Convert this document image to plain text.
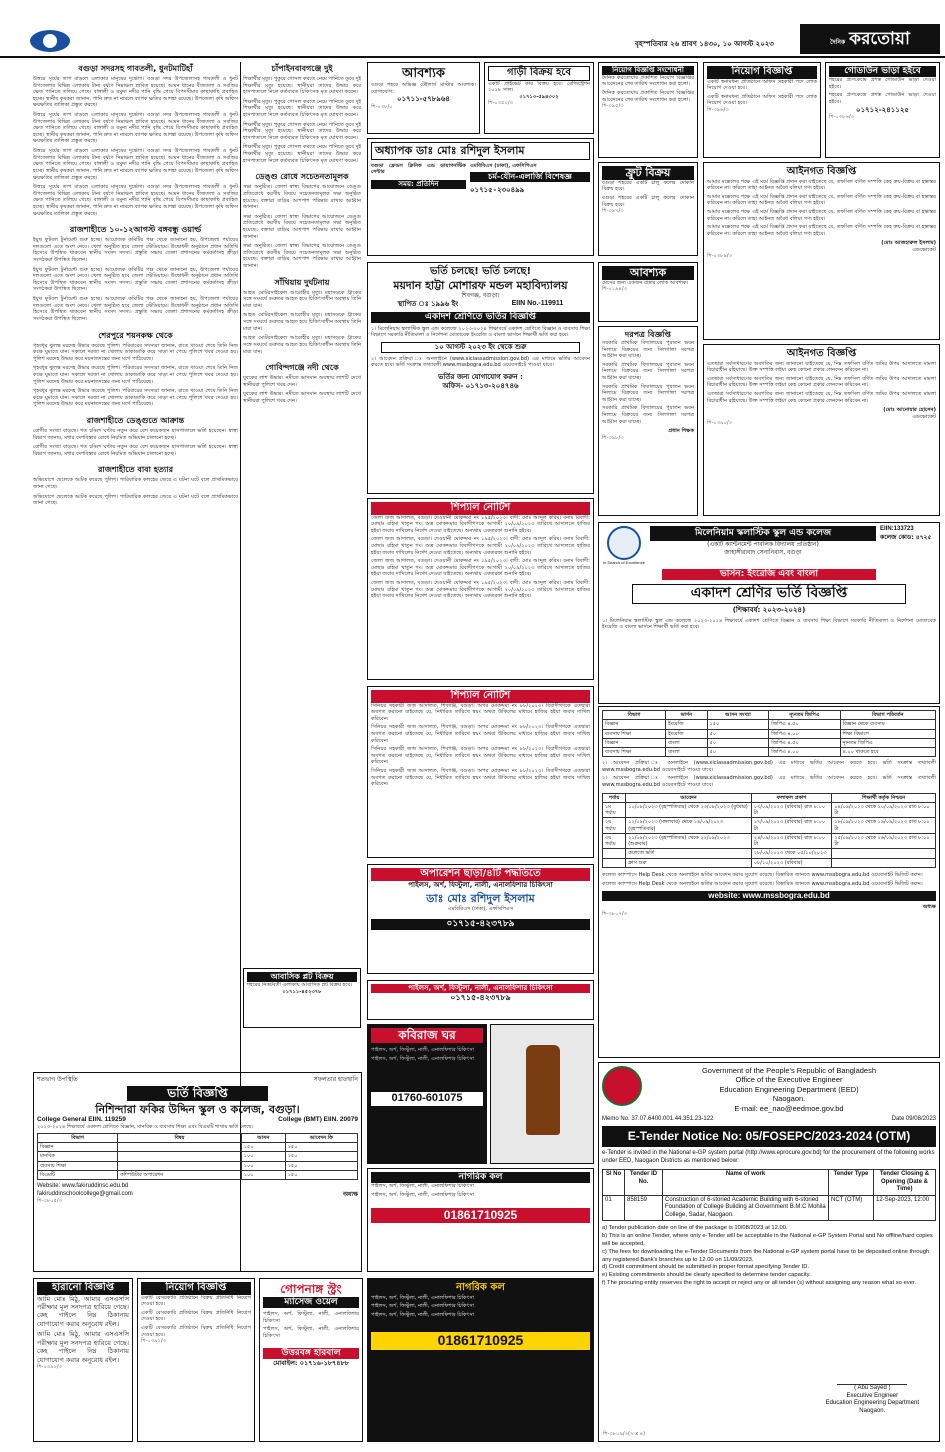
বৃহস্পতিবার ২৬ শ্রাবণ ১৪৩০, ১০ আগস্ট ২০২৩	দৈনিক করতোয়া
বগুড়া সদরসহ গাবতলী, ধুনটমাটিহাঁ
উত্তরে সূর্যের তাপ বাড়লে এলাকার মানুষের দুর্ভোগ। বগুড়া সদর উপজেলাসহ গাবতলী ও ধুনট উপজেলার বিভিন্ন এলাকায় টানা বর্ষণে নিম্নাঞ্চল প্লাবিত হয়েছে। আমন ধানের বীজতলা ও সবজির ক্ষেত পানিতে তলিয়ে গেছে। বাঙ্গালী ও যমুনা নদীর পানি বৃদ্ধি পেয়ে বিপদসীমার কাছাকাছি প্রবাহিত হচ্ছে। স্থানীয় কৃষকরা জানান, পানি দ্রুত না নামলে ব্যাপক ক্ষতির আশঙ্কা রয়েছে। উপজেলা কৃষি অফিস ক্ষয়ক্ষতির তালিকা প্রস্তুত করছে।
উত্তরে সূর্যের তাপ বাড়লে এলাকার মানুষের দুর্ভোগ। বগুড়া সদর উপজেলাসহ গাবতলী ও ধুনট উপজেলার বিভিন্ন এলাকায় টানা বর্ষণে নিম্নাঞ্চল প্লাবিত হয়েছে। আমন ধানের বীজতলা ও সবজির ক্ষেত পানিতে তলিয়ে গেছে। বাঙ্গালী ও যমুনা নদীর পানি বৃদ্ধি পেয়ে বিপদসীমার কাছাকাছি প্রবাহিত হচ্ছে। স্থানীয় কৃষকরা জানান, পানি দ্রুত না নামলে ব্যাপক ক্ষতির আশঙ্কা রয়েছে। উপজেলা কৃষি অফিস ক্ষয়ক্ষতির তালিকা প্রস্তুত করছে।
উত্তরে সূর্যের তাপ বাড়লে এলাকার মানুষের দুর্ভোগ। বগুড়া সদর উপজেলাসহ গাবতলী ও ধুনট উপজেলার বিভিন্ন এলাকায় টানা বর্ষণে নিম্নাঞ্চল প্লাবিত হয়েছে। আমন ধানের বীজতলা ও সবজির ক্ষেত পানিতে তলিয়ে গেছে। বাঙ্গালী ও যমুনা নদীর পানি বৃদ্ধি পেয়ে বিপদসীমার কাছাকাছি প্রবাহিত হচ্ছে। স্থানীয় কৃষকরা জানান, পানি দ্রুত না নামলে ব্যাপক ক্ষতির আশঙ্কা রয়েছে। উপজেলা কৃষি অফিস ক্ষয়ক্ষতির তালিকা প্রস্তুত করছে।
উত্তরে সূর্যের তাপ বাড়লে এলাকার মানুষের দুর্ভোগ। বগুড়া সদর উপজেলাসহ গাবতলী ও ধুনট উপজেলার বিভিন্ন এলাকায় টানা বর্ষণে নিম্নাঞ্চল প্লাবিত হয়েছে। আমন ধানের বীজতলা ও সবজির ক্ষেত পানিতে তলিয়ে গেছে। বাঙ্গালী ও যমুনা নদীর পানি বৃদ্ধি পেয়ে বিপদসীমার কাছাকাছি প্রবাহিত হচ্ছে। স্থানীয় কৃষকরা জানান, পানি দ্রুত না নামলে ব্যাপক ক্ষতির আশঙ্কা রয়েছে। উপজেলা কৃষি অফিস ক্ষয়ক্ষতির তালিকা প্রস্তুত করছে।
রাজশাহীতে ১০-১২আগস্ট বঙ্গবন্ধু ওয়ার্ল্ড
ইয়ুথ ফুটবল টুর্নামেন্ট শুরু হচ্ছে। আয়োজক কমিটির পক্ষ থেকে জানানো হয়, উপজেলা পর্যায়ের দলগুলো এতে অংশ নেবে। খেলা অনুষ্ঠিত হবে জেলা স্টেডিয়ামে। উদ্বোধনী অনুষ্ঠানে প্রধান অতিথি হিসেবে উপস্থিত থাকবেন স্থানীয় সংসদ সদস্য। প্রস্তুতি সভায় জেলা প্রশাসনের কর্মকর্তাসহ ক্রীড়া সংগঠকরা উপস্থিত ছিলেন।
ইয়ুথ ফুটবল টুর্নামেন্ট শুরু হচ্ছে। আয়োজক কমিটির পক্ষ থেকে জানানো হয়, উপজেলা পর্যায়ের দলগুলো এতে অংশ নেবে। খেলা অনুষ্ঠিত হবে জেলা স্টেডিয়ামে। উদ্বোধনী অনুষ্ঠানে প্রধান অতিথি হিসেবে উপস্থিত থাকবেন স্থানীয় সংসদ সদস্য। প্রস্তুতি সভায় জেলা প্রশাসনের কর্মকর্তাসহ ক্রীড়া সংগঠকরা উপস্থিত ছিলেন।
ইয়ুথ ফুটবল টুর্নামেন্ট শুরু হচ্ছে। আয়োজক কমিটির পক্ষ থেকে জানানো হয়, উপজেলা পর্যায়ের দলগুলো এতে অংশ নেবে। খেলা অনুষ্ঠিত হবে জেলা স্টেডিয়ামে। উদ্বোধনী অনুষ্ঠানে প্রধান অতিথি হিসেবে উপস্থিত থাকবেন স্থানীয় সংসদ সদস্য। প্রস্তুতি সভায় জেলা প্রশাসনের কর্মকর্তাসহ ক্রীড়া সংগঠকরা উপস্থিত ছিলেন।
শেরপুরে শয়নকক্ষ থেকে
গৃহবধূর ঝুলন্ত মরদেহ উদ্ধার করেছে পুলিশ। পরিবারের সদস্যরা জানান, রাতে খাওয়া শেষে তিনি নিজ কক্ষে ঘুমাতে যান। সকালে দরজা না খোলায় ডাকাডাকি করে সাড়া না পেয়ে পুলিশে খবর দেওয়া হয়। পুলিশ মরদেহ উদ্ধার করে ময়নাতদন্তের জন্য মর্গে পাঠিয়েছে।
গৃহবধূর ঝুলন্ত মরদেহ উদ্ধার করেছে পুলিশ। পরিবারের সদস্যরা জানান, রাতে খাওয়া শেষে তিনি নিজ কক্ষে ঘুমাতে যান। সকালে দরজা না খোলায় ডাকাডাকি করে সাড়া না পেয়ে পুলিশে খবর দেওয়া হয়। পুলিশ মরদেহ উদ্ধার করে ময়নাতদন্তের জন্য মর্গে পাঠিয়েছে।
গৃহবধূর ঝুলন্ত মরদেহ উদ্ধার করেছে পুলিশ। পরিবারের সদস্যরা জানান, রাতে খাওয়া শেষে তিনি নিজ কক্ষে ঘুমাতে যান। সকালে দরজা না খোলায় ডাকাডাকি করে সাড়া না পেয়ে পুলিশে খবর দেওয়া হয়। পুলিশ মরদেহ উদ্ধার করে ময়নাতদন্তের জন্য মর্গে পাঠিয়েছে।
রাজশাহীতে ডেঙ্গুতে আক্রান্ত
রোগীর সংখ্যা বাড়ছে। গত চব্বিশ ঘণ্টায় নতুন করে বেশ কয়েকজন হাসপাতালে ভর্তি হয়েছেন। স্বাস্থ্য বিভাগ জানায়, মশার বংশবিস্তার রোধে নিয়মিত অভিযান চালানো হচ্ছে।
রোগীর সংখ্যা বাড়ছে। গত চব্বিশ ঘণ্টায় নতুন করে বেশ কয়েকজন হাসপাতালে ভর্তি হয়েছেন। স্বাস্থ্য বিভাগ জানায়, মশার বংশবিস্তার রোধে নিয়মিত অভিযান চালানো হচ্ছে।
রাজশাহীতে বাবা হত্যার
অভিযোগে ছেলেকে আটক করেছে পুলিশ। পারিবারিক কলহের জেরে এ ঘটনা ঘটে বলে প্রাথমিকভাবে জানা গেছে।
অভিযোগে ছেলেকে আটক করেছে পুলিশ। পারিবারিক কলহের জেরে এ ঘটনা ঘটে বলে প্রাথমিকভাবে জানা গেছে।
চাঁপাইনবাবগঞ্জে দুই
শিক্ষার্থীর মৃত্যু। পুকুরে গোসল করতে নেমে পানিতে ডুবে দুই শিক্ষার্থীর মৃত্যু হয়েছে। স্থানীয়রা তাদের উদ্ধার করে হাসপাতালে নিলে কর্তব্যরত চিকিৎসক মৃত ঘোষণা করেন।
শিক্ষার্থীর মৃত্যু। পুকুরে গোসল করতে নেমে পানিতে ডুবে দুই শিক্ষার্থীর মৃত্যু হয়েছে। স্থানীয়রা তাদের উদ্ধার করে হাসপাতালে নিলে কর্তব্যরত চিকিৎসক মৃত ঘোষণা করেন।
শিক্ষার্থীর মৃত্যু। পুকুরে গোসল করতে নেমে পানিতে ডুবে দুই শিক্ষার্থীর মৃত্যু হয়েছে। স্থানীয়রা তাদের উদ্ধার করে হাসপাতালে নিলে কর্তব্যরত চিকিৎসক মৃত ঘোষণা করেন।
শিক্ষার্থীর মৃত্যু। পুকুরে গোসল করতে নেমে পানিতে ডুবে দুই শিক্ষার্থীর মৃত্যু হয়েছে। স্থানীয়রা তাদের উদ্ধার করে হাসপাতালে নিলে কর্তব্যরত চিকিৎসক মৃত ঘোষণা করেন।
ডেঙ্গু রোধে সচেতনতামূলক
সভা অনুষ্ঠিত। জেলা স্বাস্থ্য বিভাগের আয়োজনে ডেঙ্গু প্রতিরোধে করণীয় বিষয়ে সচেতনতামূলক সভা অনুষ্ঠিত হয়েছে। বক্তারা বাড়ির আশপাশ পরিষ্কার রাখার আহ্বান জানান।
সভা অনুষ্ঠিত। জেলা স্বাস্থ্য বিভাগের আয়োজনে ডেঙ্গু প্রতিরোধে করণীয় বিষয়ে সচেতনতামূলক সভা অনুষ্ঠিত হয়েছে। বক্তারা বাড়ির আশপাশ পরিষ্কার রাখার আহ্বান জানান।
সভা অনুষ্ঠিত। জেলা স্বাস্থ্য বিভাগের আয়োজনে ডেঙ্গু প্রতিরোধে করণীয় বিষয়ে সচেতনতামূলক সভা অনুষ্ঠিত হয়েছে। বক্তারা বাড়ির আশপাশ পরিষ্কার রাখার আহ্বান জানান।
সাঁথিয়ায় দুর্ঘটনায়
আহত মোটরসাইকেল আরোহীর মৃত্যু। মহাসড়কে ট্রাকের সঙ্গে সংঘর্ষে গুরুতর আহত হয়ে চিকিৎসাধীন অবস্থায় তিনি মারা যান।
আহত মোটরসাইকেল আরোহীর মৃত্যু। মহাসড়কে ট্রাকের সঙ্গে সংঘর্ষে গুরুতর আহত হয়ে চিকিৎসাধীন অবস্থায় তিনি মারা যান।
আহত মোটরসাইকেল আরোহীর মৃত্যু। মহাসড়কে ট্রাকের সঙ্গে সংঘর্ষে গুরুতর আহত হয়ে চিকিৎসাধীন অবস্থায় তিনি মারা যান।
গোবিন্দগঞ্জে নদী থেকে
যুবকের লাশ উদ্ধার। নদীতে ভাসমান অবস্থায় লাশটি দেখে স্থানীয়রা পুলিশে খবর দেন।
যুবকের লাশ উদ্ধার। নদীতে ভাসমান অবস্থায় লাশটি দেখে স্থানীয়রা পুলিশে খবর দেন।
আবাসিক প্লট বিক্রয়
শহরের নিকটবর্তী এলাকায় আবাসিক প্লট বিক্রয় হবে।
০১৭১১-৪৫২৩৭৮
আবশ্যক
বগুড়া শহরে অভিজ্ঞ টেইলার্স মাস্টার আবশ্যক। যোগাযোগ:
০১৭১১-৫৭৮৯৬৪
শি-০৩৮/০
গাড়ী বিক্রয় হবে
একটি প্রাইভেট কার বিক্রয় হবে। রেজিস্ট্রেশন ২০১৮ সাল।
০১৭১৩-৫৯৪৩০২
শি-০৩৫০/৩
অধ্যাপক ডাঃ মোঃ রশিদুল ইসলাম
বগুড়া ফ্রেন্ডস ক্লিনিক এন্ড ডায়াগনস্টিক সেন্টার
সময়: প্রতিদিন
এমবিবিএস (ঢাকা), এফসিপিএস
চর্ম-যৌন-এলার্জি বিশেষজ্ঞ
০১৭১৫-২৩০৪৯৯
ভর্তি চলছে! ভর্তি চলছে!
ময়দান হাট্টা মোশারফ মন্ডল মহাবিদ্যালয়
শিবগঞ্জ, বগুড়া।
স্থাপিত ঃ ১৯৯৬ ইং	EIIN No.-119911
একাদশ শ্রেণিতে ভর্তির বিজ্ঞপ্তি
১। মিলেনিয়াম স্কলাস্টিক স্কুল এন্ড কলেজে ২০২৩-২০২৪ শিক্ষাবর্ষে একাদশ শ্রেণিতে বিজ্ঞান ও ব্যবসায় শিক্ষা বিভাগে সরকারি নীতিমালা ও নির্দেশনা মোতাবেক ইংরেজি ও বাংলা ভার্সনে শিক্ষার্থী ভর্তি করা হবে।
১০ আগস্ট ২০২৩ ইং থেকে শুরু
২। আবেদন প্রক্রিয়া ঃ অনলাইনে (www.xiclassadmission.gov.bd) এর মাধ্যমে ভর্তির আবেদন করতে হবে। ভর্তি সংক্রান্ত তথ্যাবলী www.mssbogra.edu.bd ওয়েবসাইটে পাওয়া যাবে।
ভর্তির জন্য যোগাযোগ করুন :
অফিস- ০১৭১৩-২০৪৭৪৬
শিপ্যাল নোটিশ
জেলা জজ আদালত, বগুড়া। দেওয়ানী মোকদ্দমা নং ১৯৫/২০২৩। বাদী: মোঃ আব্দুল করিম। বনাম বিবাদী: মোছাঃ রহিমা খাতুন গং। অত্র মোকদ্দমার বিবাদীগণকে আগামী ২০/০৯/২০২৩ তারিখে আদালতে হাজির হইয়া জবাব দাখিলের নির্দেশ দেওয়া যাইতেছে। অন্যথায় একতরফা শুনানি হইবে।
জেলা জজ আদালত, বগুড়া। দেওয়ানী মোকদ্দমা নং ১৯৫/২০২৩। বাদী: মোঃ আব্দুল করিম। বনাম বিবাদী: মোছাঃ রহিমা খাতুন গং। অত্র মোকদ্দমার বিবাদীগণকে আগামী ২০/০৯/২০২৩ তারিখে আদালতে হাজির হইয়া জবাব দাখিলের নির্দেশ দেওয়া যাইতেছে। অন্যথায় একতরফা শুনানি হইবে।
জেলা জজ আদালত, বগুড়া। দেওয়ানী মোকদ্দমা নং ১৯৫/২০২৩। বাদী: মোঃ আব্দুল করিম। বনাম বিবাদী: মোছাঃ রহিমা খাতুন গং। অত্র মোকদ্দমার বিবাদীগণকে আগামী ২০/০৯/২০২৩ তারিখে আদালতে হাজির হইয়া জবাব দাখিলের নির্দেশ দেওয়া যাইতেছে। অন্যথায় একতরফা শুনানি হইবে।
জেলা জজ আদালত, বগুড়া। দেওয়ানী মোকদ্দমা নং ১৯৫/২০২৩। বাদী: মোঃ আব্দুল করিম। বনাম বিবাদী: মোছাঃ রহিমা খাতুন গং। অত্র মোকদ্দমার বিবাদীগণকে আগামী ২০/০৯/২০২৩ তারিখে আদালতে হাজির হইয়া জবাব দাখিলের নির্দেশ দেওয়া যাইতেছে। অন্যথায় একতরফা শুনানি হইবে।
শিপ্যাল নোটিশ
সিনিয়র সহকারী জজ আদালত, শিবগঞ্জ, বগুড়া। অপর মোকদ্দমা নং ৮৮/২০২৩। বিবাদীগণকে এতদ্বারা অবগত করানো যাইতেছে যে, নির্ধারিত তারিখে স্বয়ং অথবা উকিলের মাধ্যমে হাজির হইয়া জবাব দাখিল করিবেন।
সিনিয়র সহকারী জজ আদালত, শিবগঞ্জ, বগুড়া। অপর মোকদ্দমা নং ৮৮/২০২৩। বিবাদীগণকে এতদ্বারা অবগত করানো যাইতেছে যে, নির্ধারিত তারিখে স্বয়ং অথবা উকিলের মাধ্যমে হাজির হইয়া জবাব দাখিল করিবেন।
সিনিয়র সহকারী জজ আদালত, শিবগঞ্জ, বগুড়া। অপর মোকদ্দমা নং ৮৮/২০২৩। বিবাদীগণকে এতদ্বারা অবগত করানো যাইতেছে যে, নির্ধারিত তারিখে স্বয়ং অথবা উকিলের মাধ্যমে হাজির হইয়া জবাব দাখিল করিবেন।
সিনিয়র সহকারী জজ আদালত, শিবগঞ্জ, বগুড়া। অপর মোকদ্দমা নং ৮৮/২০২৩। বিবাদীগণকে এতদ্বারা অবগত করানো যাইতেছে যে, নির্ধারিত তারিখে স্বয়ং অথবা উকিলের মাধ্যমে হাজির হইয়া জবাব দাখিল করিবেন।
অপারেশন ছাড়া/৪টি পদ্ধতিতে
পাইলস, অর্শ, ফিস্টুলা, নালী, এনালফিশার চিকিৎসা
ডাঃ মোঃ রশিদুল ইসলাম
এমবিবিএস (ঢাকা), এফসিপিএস
০১৭১৫-৪২৩৭৮৯
নিয়োগ বিজ্ঞপ্তি সংশোধনী
দৈনিক করতোয়ায় প্রকাশিত নিয়োগ বিজ্ঞপ্তির আবেদনের শেষ তারিখ সংশোধন করা হলো।
দৈনিক করতোয়ায় প্রকাশিত নিয়োগ বিজ্ঞপ্তির আবেদনের শেষ তারিখ সংশোধন করা হলো।
শি-৩৯৫/৩
ফ্রুট বিক্রয়
বগুড়া শহরের একটি চালু ফলের দোকান বিক্রয় হবে।
বগুড়া শহরের একটি চালু ফলের দোকান বিক্রয় হবে।
শি-৩৯৭/৩
আবশ্যক
মেসের জন্য একজন রান্নার লোক আবশ্যক।
শি-০১৯৪/৩
দরপত্র বিজ্ঞপ্তি
সরকারি প্রাথমিক বিদ্যালয়ের পুরাতন ভবন নিলামে বিক্রয়ের জন্য সিলগালা দরপত্র আহ্বান করা যাচ্ছে।
সরকারি প্রাথমিক বিদ্যালয়ের পুরাতন ভবন নিলামে বিক্রয়ের জন্য সিলগালা দরপত্র আহ্বান করা যাচ্ছে।
সরকারি প্রাথমিক বিদ্যালয়ের পুরাতন ভবন নিলামে বিক্রয়ের জন্য সিলগালা দরপত্র আহ্বান করা যাচ্ছে।
সরকারি প্রাথমিক বিদ্যালয়ের পুরাতন ভবন নিলামে বিক্রয়ের জন্য সিলগালা দরপত্র আহ্বান করা যাচ্ছে।
প্রধান শিক্ষক
শি-৩৯৮/৩
নিয়োগ বিজ্ঞপ্তি
একটি স্বনামধন্য প্রতিষ্ঠানে অফিস সহকারী পদে লোক নিয়োগ দেওয়া হবে।
একটি স্বনামধন্য প্রতিষ্ঠানে অফিস সহকারী পদে লোক নিয়োগ দেওয়া হবে।
শি-৩৯৬/৩
গোডাউন ভাড়া হইবে
শহরের প্রাণকেন্দ্রে প্রশস্ত গোডাউন ভাড়া দেওয়া হইবে।
শহরের প্রাণকেন্দ্রে প্রশস্ত গোডাউন ভাড়া দেওয়া হইবে।
০১৭১২-২৪১১২৫
শি-০৩৮৬/৩
আইনগত বিজ্ঞপ্তি
আমার মক্কেলের পক্ষে এই মর্মে বিজ্ঞপ্তি প্রদান করা যাইতেছে যে, তফসিল বর্ণিত সম্পত্তি কেহ ক্রয়-বিক্রয় বা হস্তান্তর করিবেন না। করিলে তাহা আইনত অবৈধ বলিয়া গণ্য হইবে।
আমার মক্কেলের পক্ষে এই মর্মে বিজ্ঞপ্তি প্রদান করা যাইতেছে যে, তফসিল বর্ণিত সম্পত্তি কেহ ক্রয়-বিক্রয় বা হস্তান্তর করিবেন না। করিলে তাহা আইনত অবৈধ বলিয়া গণ্য হইবে।
আমার মক্কেলের পক্ষে এই মর্মে বিজ্ঞপ্তি প্রদান করা যাইতেছে যে, তফসিল বর্ণিত সম্পত্তি কেহ ক্রয়-বিক্রয় বা হস্তান্তর করিবেন না। করিলে তাহা আইনত অবৈধ বলিয়া গণ্য হইবে।
আমার মক্কেলের পক্ষে এই মর্মে বিজ্ঞপ্তি প্রদান করা যাইতেছে যে, তফসিল বর্ণিত সম্পত্তি কেহ ক্রয়-বিক্রয় বা হস্তান্তর করিবেন না। করিলে তাহা আইনত অবৈধ বলিয়া গণ্য হইবে।
(মোঃ আজহারুল ইসলাম)
এডভোকেট
শি-০৩৮৯/৩
আইনগত বিজ্ঞপ্তি
এতদ্বারা সর্বসাধারণের অবগতির জন্য জানানো যাইতেছে যে, নিম্ন তফসিল বর্ণিত জমির উপর আদালতে মামলা বিচারাধীন রহিয়াছে। উক্ত সম্পত্তি লইয়া কেহ কোনো প্রকার লেনদেন করিবেন না।
এতদ্বারা সর্বসাধারণের অবগতির জন্য জানানো যাইতেছে যে, নিম্ন তফসিল বর্ণিত জমির উপর আদালতে মামলা বিচারাধীন রহিয়াছে। উক্ত সম্পত্তি লইয়া কেহ কোনো প্রকার লেনদেন করিবেন না।
এতদ্বারা সর্বসাধারণের অবগতির জন্য জানানো যাইতেছে যে, নিম্ন তফসিল বর্ণিত জমির উপর আদালতে মামলা বিচারাধীন রহিয়াছে। উক্ত সম্পত্তি লইয়া কেহ কোনো প্রকার লেনদেন করিবেন না।
(মোঃ আনোয়ার হোসেন)
এডভোকেট
শি-০৩৯০/৩
In Search of Excellence
মিলেনিয়াম স্কলাস্টিক স্কুল এন্ড কলেজ
(একটি ক্যান্টনমেন্ট পাবলিক বিদ্যালয় প্রতিষ্ঠান)
জাহাঙ্গীরাবাদ সেনানিবাস, বগুড়া
EIIN:133723
কলেজ কোড: ৪৭২৫
ভার্সন: ইংরেজি এবং বাংলা
একাদশ শ্রেণির ভর্তি বিজ্ঞপ্তি
(শিক্ষাবর্ষ: ২০২৩-২০২৪)
১। মিলেনিয়াম স্কলাস্টিক স্কুল এন্ড কলেজে ২০২৩-২০২৪ শিক্ষাবর্ষে একাদশ শ্রেণিতে বিজ্ঞান ও ব্যবসায় শিক্ষা বিভাগে সরকারি নীতিমালা ও নির্দেশনা মোতাবেক ইংরেজি ও বাংলা ভার্সনে শিক্ষার্থী ভর্তি করা হবে।
বিভাগ	ভার্সন	আসন সংখ্যা	ন্যূনতম জিপিএ	বিভাগ পরিবর্তন
বিজ্ঞান	ইংরেজি	১৫০	জিপিএ ৪.৫০	বিজ্ঞান থেকে ব্যবসায়
ব্যবসায় শিক্ষা	ইংরেজি	৫০	জিপিএ ৪.০০	শিক্ষা বিভাগে
বিজ্ঞান	বাংলা	৫০	জিপিএ ৪.৫০	ন্যূনতম জিপিএ
ব্যবসায় শিক্ষা	বাংলা	৫০	জিপিএ ৪.০০	৪.০০ থাকতে হবে
২। আবেদন প্রক্রিয়া ঃ অনলাইনে (www.xiclassadmission.gov.bd) এর মাধ্যমে ভর্তির আবেদন করতে হবে। ভর্তি সংক্রান্ত তথ্যাবলী www.mssbogra.edu.bd ওয়েবসাইটে পাওয়া যাবে।
২। আবেদন প্রক্রিয়া ঃ অনলাইনে (www.xiclassadmission.gov.bd) এর মাধ্যমে ভর্তির আবেদন করতে হবে। ভর্তি সংক্রান্ত তথ্যাবলী www.mssbogra.edu.bd ওয়েবসাইটে পাওয়া যাবে।
পর্যায়	আবেদন	ফলাফল প্রকাশ	শিক্ষার্থী কর্তৃক নিশ্চয়ন
১ম পর্যায়	১০/০৮/২০২৩ (বৃহস্পতিবার) থেকে ২৩/০৮/২০২৩ (বুধবার)	০৩/০৯/২০২৩ (রবিবার) রাত ৮:০০ টা	০৪/০৯/২০২৩ থেকে ১০/০৯/২০২৩ রাত ৮:০০ টা
২য় পর্যায়	১২/০৯/২০২৩ (মঙ্গলবার) থেকে ১৪/০৯/২০২৩ (বৃহস্পতিবার)	১৭/০৯/২০২৩ (রবিবার) রাত ৮:০০ টা	১৮/০৯/২০২৩ থেকে ১৯/০৯/২০২৩ রাত ৮:০০ টা
৩য় পর্যায়	২১/০৯/২০২৩ (বৃহস্পতিবার) থেকে ২২/০৯/২০২৩ (শুক্রবার)	২৪/০৯/২০২৩ (রবিবার) রাত ৮:০০ টা	২৫/০৯/২০২৩ থেকে ২৬/০৯/২০২৩ রাত ৮:০০ টা
	কলেজে ভর্তি	২৮/০৯/২০২৩ থেকে ০৫/১০/২০২৩	
	ক্লাস শুরু	০৮/১০/২০২৩ (রবিবার)	
কলেজ ক্যাম্পাসে Help Desk থেকে অনলাইনে ভর্তির আবেদন করার সুযোগ রয়েছে। বিস্তারিত জানতে www.mssbogra.edu.bd ওয়েবসাইট ভিজিট করুন।
কলেজ ক্যাম্পাসে Help Desk থেকে অনলাইনে ভর্তির আবেদন করার সুযোগ রয়েছে। বিস্তারিত জানতে www.mssbogra.edu.bd ওয়েবসাইট ভিজিট করুন।
website: www.mssbogra.edu.bd
অধ্যক্ষ
শি-৩৮০৭/৩
শতভাগ উপস্থিতি	সফলতার হাতছানি
ভর্তি বিজ্ঞপ্তি
নিশিন্দারা ফকির উদ্দিন স্কুল ও কলেজ, বগুড়া।
College General EIIN. 119259	College (BMT) EIIN. 20079
২০২৩-২০২৪ শিক্ষাবর্ষে একাদশ শ্রেণিতে বিজ্ঞান, মানবিক ও ব্যবসায় শিক্ষা এবং বিএমটি শাখায় ভর্তি চলছে।
বিভাগ	বিষয়	আসন	আবেদন ফি
বিজ্ঞান		১৫০	১৫০
মানবিক		১০০	১৫০
ব্যবসায় শিক্ষা		১০০	১৫০
বিএমটি	কম্পিউটার অপারেশন	১০০	১৫০
Website: www.fakiruddinsc.edu.bd
fakiruddinschoolcollege@gmail.com	অধ্যক্ষ
শি-৩৮০৫/৩
পাইলস, অর্শ, ফিস্টুলা, নালী, এনালফিশার চিকিৎসা
০১৭১৫-৪২৩৭৮৯
কবিরাজ ঘর
পাইলস, অর্শ, ফিস্টুলা, নালী, এনালফিশার চিকিৎসা
পাইলস, অর্শ, ফিস্টুলা, নালী, এনালফিশার চিকিৎসা
01760-601075
নাগরিক কল
পাইলস, অর্শ, ফিস্টুলা, নালী, এনালফিশার চিকিৎসা
পাইলস, অর্শ, ফিস্টুলা, নালী, এনালফিশার চিকিৎসা
01861710925
Government of the People's Republic of Bangladesh
Office of the Executive Engineer
Education Engineering Department (EED)
Naogaon.
E-mail: ee_nao@eedmoe.gov.bd
Memo No. 37.07.6400.001.44.351.23-122	Date 09/08/2023
E-Tender Notice No: 05/FOSEPC/2023-2024 (OTM)
e-Tender is invited in the National e-GP system portal (http://www.eprocure.gov.bd) for the procurement of the following works under EED, Naogaon Districts as mentioned below:
Sl No	Tender ID No.	Name of work	Tender Type	Tender Closing & Opening (Date & Time)
01	858159	Construction of 6-storied Academic Building with 6-storied Foundation of College Building at Government B.M.C Mohila College, Sadar, Naogaon.	NCT (OTM)	12-Sep-2023, 12:00
a) Tender publication date on line of the package is 10/08/2023 at 12.00.
b) This is an online Tender, where only e-Tender will be acceptable in the National e-GP System Portal and No offline/hard copies will be accepted.
c) The fees for downloading the e-Tender Documents from the National e-GP system portal have to be deposited online through any registered Bank's branches up to 12.00 on 11/09/2023.
d) Credit commitment should be submitted in proper format specifying Tender ID.
e) Existing commitments should be clearly specified to determine tender capacity.
f) The procuring entity reserves the right to accept or reject any or all tender (s) without assigning any reason what so ever.
( Abu Sayed )
Executive Engineer
Education Engineering Department
Naogaon.
শি-৩৮০৯/৩(৭ x ৪)
হারানো বিজ্ঞপ্তি
আমি মোঃ মিঠু, আমার এসএসসি পরীক্ষার মূল সনদপত্র হারিয়ে গেছে। কেহ পাইলে নিম্ন ঠিকানায় যোগাযোগ করার অনুরোধ রইল।
আমি মোঃ মিঠু, আমার এসএসসি পরীক্ষার মূল সনদপত্র হারিয়ে গেছে। কেহ পাইলে নিম্ন ঠিকানায় যোগাযোগ করার অনুরোধ রইল।
শি-০৩৯১/৩
নিয়োগ বিজ্ঞপ্তি
একটি বেসরকারি প্রতিষ্ঠানে বিক্রয় প্রতিনিধি নিয়োগ দেওয়া হবে।
একটি বেসরকারি প্রতিষ্ঠানে বিক্রয় প্রতিনিধি নিয়োগ দেওয়া হবে।
একটি বেসরকারি প্রতিষ্ঠানে বিক্রয় প্রতিনিধি নিয়োগ দেওয়া হবে।
শি-০৩৯২/৩
গোপনাঙ্গ স্ট্রং
ম্যাসেজ ওয়েল
পাইলস, অর্শ, ফিস্টুলা, নালী, এনালফিশার চিকিৎসা
পাইলস, অর্শ, ফিস্টুলা, নালী, এনালফিশার চিকিৎসা
উত্তরবঙ্গ হারবাল
মোবাইল: ০১৭১৬-১৮৭৪৮৮
নাগরিক কল
পাইলস, অর্শ, ফিস্টুলা, নালী, এনালফিশার চিকিৎসা
পাইলস, অর্শ, ফিস্টুলা, নালী, এনালফিশার চিকিৎসা
পাইলস, অর্শ, ফিস্টুলা, নালী, এনালফিশার চিকিৎসা
01861710925
